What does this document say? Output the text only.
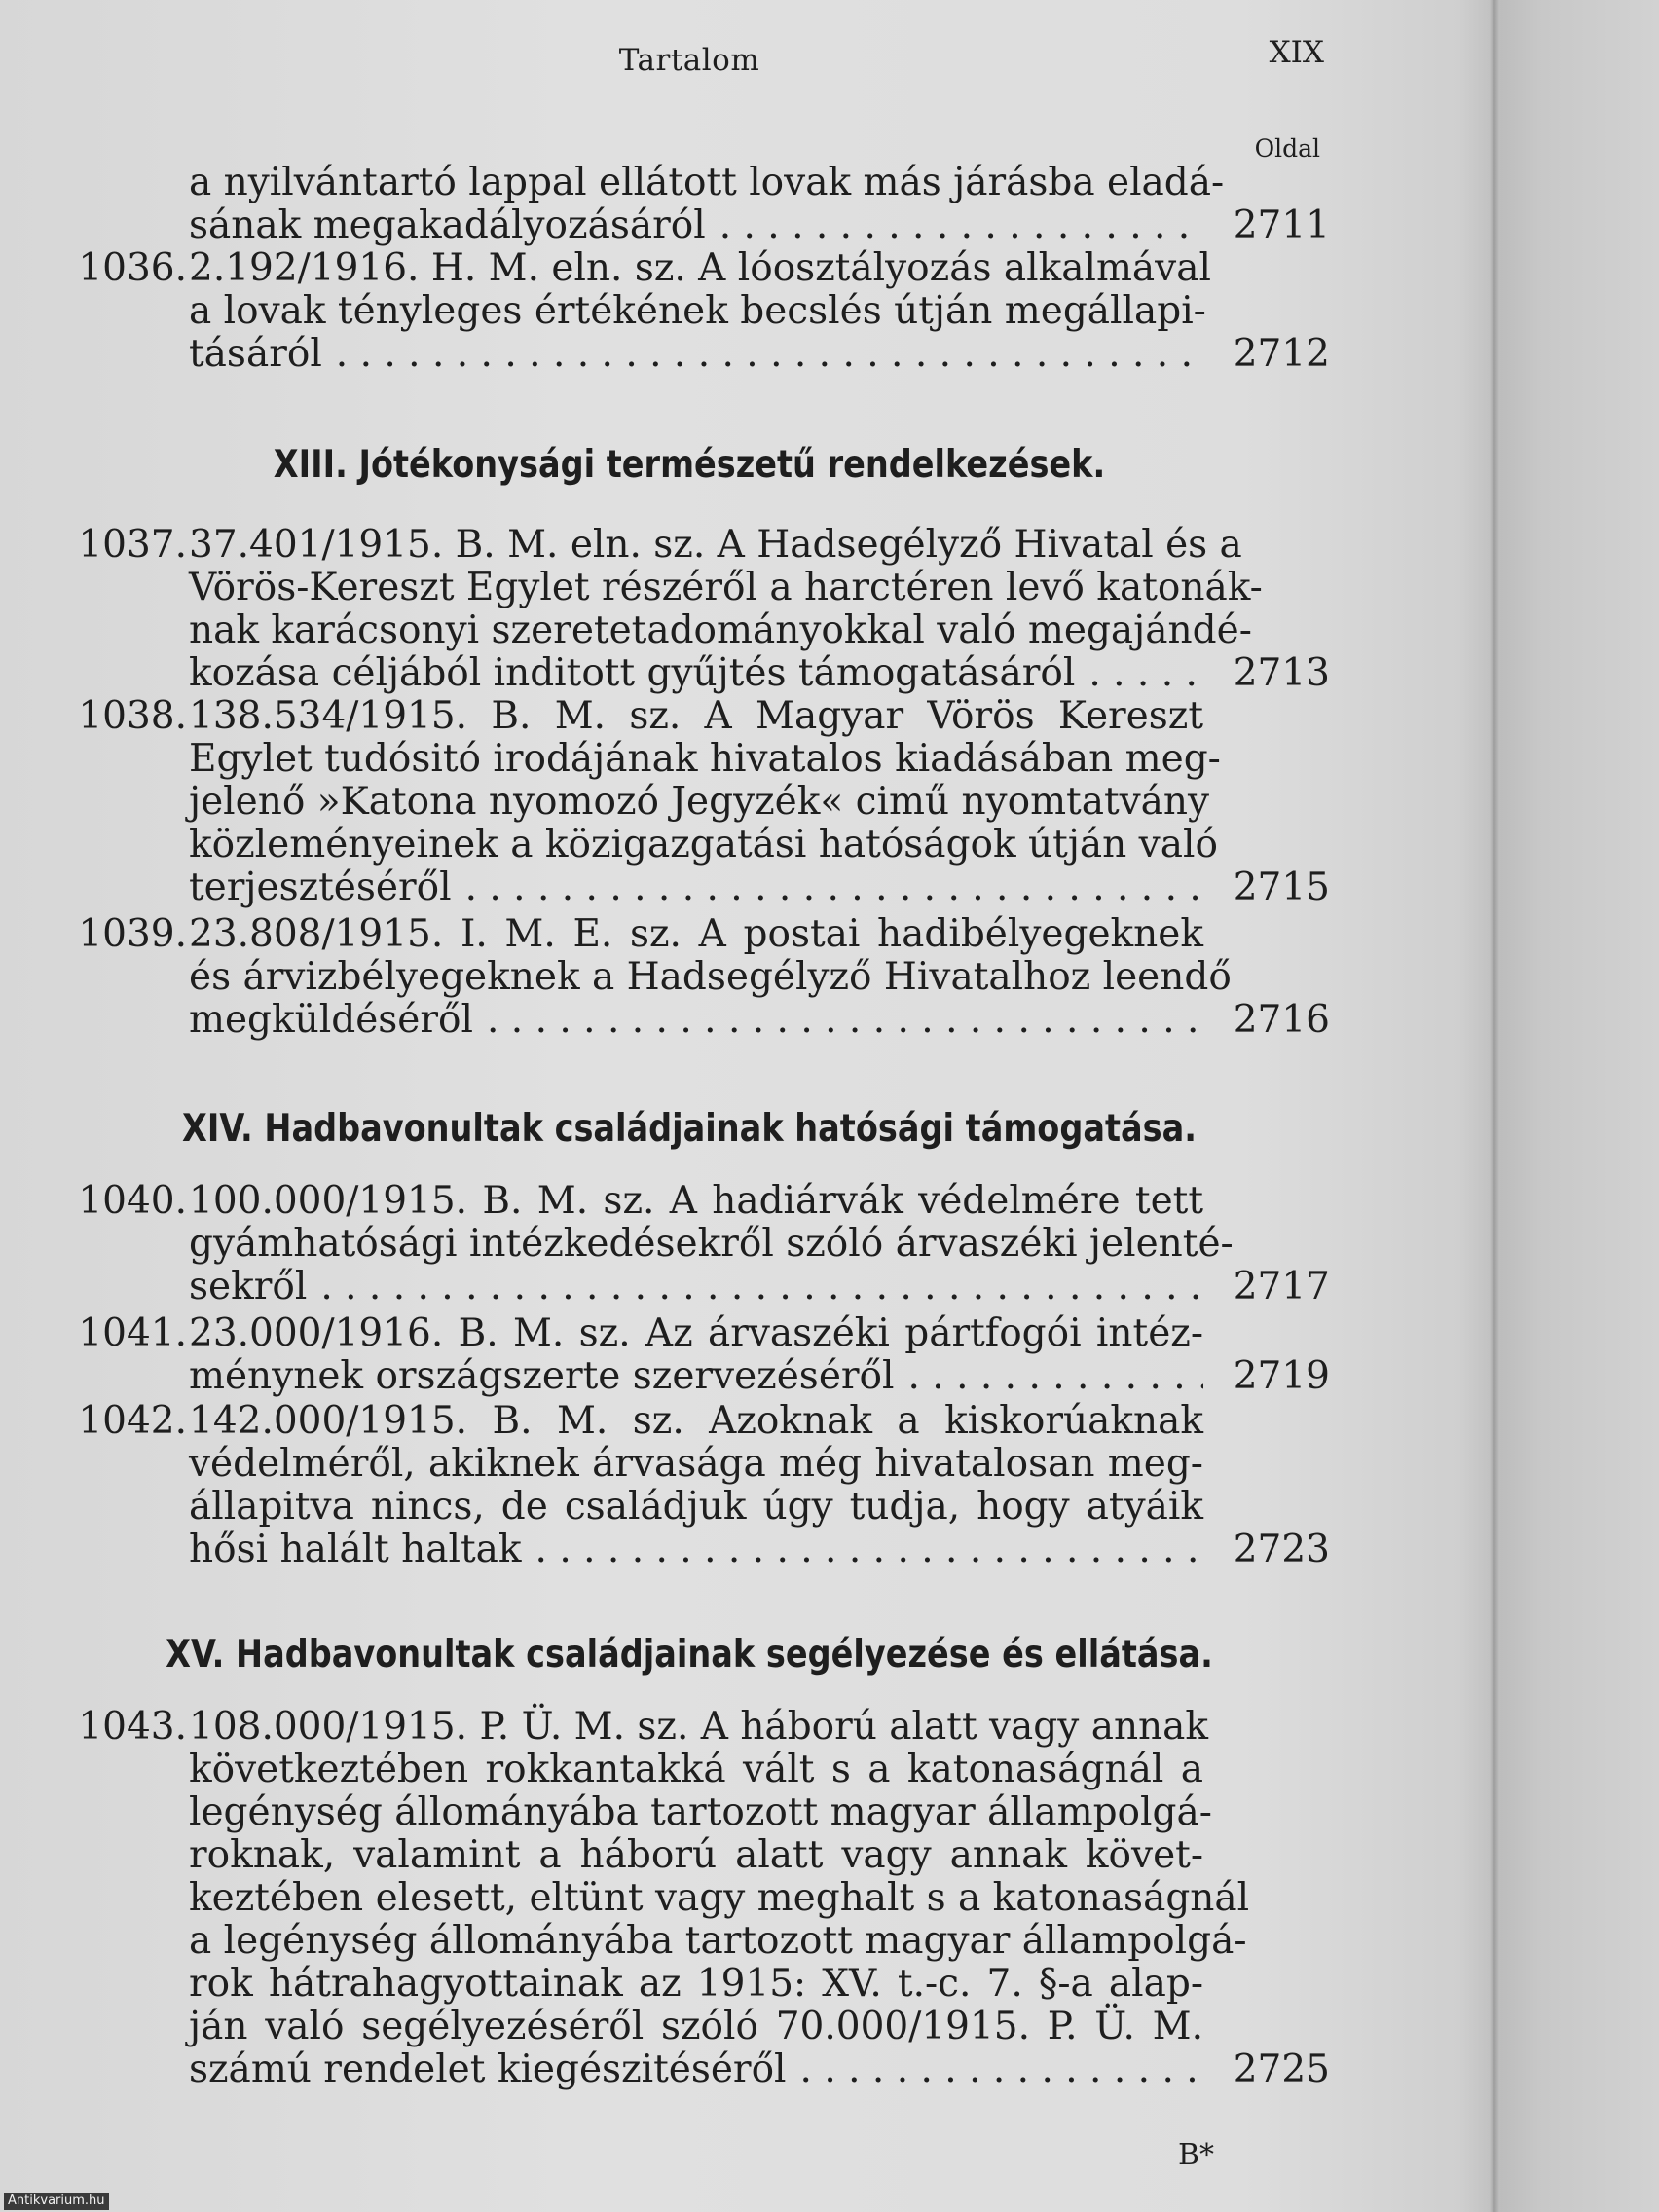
Tartalom	XIX
Oldal
a nyilvántartó lappal ellátott lovak más járásba eladá-
sának megakadályozásáról . . .	2711
1036. 2.192/1916. H. M. eln. sz. A lóosztályozás alkalmával
a lovak tényleges értékének becslés útján megállapi-
tásáról . . .	2712
1037. 37.401/1915. B. M. eln. sz. A Hadsegélyző Hivatal és a
Vörös-Kereszt Egylet részéről a harctéren levő katonák-
nak karácsonyi szeretetadományokkal való megajándé-
kozása céljából inditott gyűjtés támogatásáról . . .	2713
1038. 138.534/1915. B. M. sz. A Magyar Vörös Kereszt
Egylet tudósitó irodájának hivatalos kiadásában meg-
jelenő »Katona nyomozó Jegyzék« cimű nyomtatvány
közleményeinek a közigazgatási hatóságok útján való
terjesztéséről . . .	2715
1039. 23.808/1915. I. M. E. sz. A postai hadibélyegeknek
és árvizbélyegeknek a Hadsegélyző Hivatalhoz leendő
megküldéséről . . .	2716
1040. 100.000/1915. B. M. sz. A hadiárvák védelmére tett
gyámhatósági intézkedésekről szóló árvaszéki jelenté-
sekről . . .	2717
1041. 23.000/1916. B. M. sz. Az árvaszéki pártfogói intéz-
ménynek országszerte szervezéséről . . .	2719
1042. 142.000/1915. B. M. sz. Azoknak a kiskorúaknak
védelméről, akiknek árvasága még hivatalosan meg-
állapitva nincs, de családjuk úgy tudja, hogy atyáik
hősi halált haltak . . .	2723
1043. 108.000/1915. P. Ü. M. sz. A háború alatt vagy annak
következtében rokkantakká vált s a katonaságnál a
legénység állományába tartozott magyar állampolgá-
roknak, valamint a háború alatt vagy annak követ-
keztében elesett, eltünt vagy meghalt s a katonaságnál
a legénység állományába tartozott magyar állampolgá-
rok hátrahagyottainak az 1915: XV. t.-c. 7. §-a alap-
ján való segélyezéséről szóló 70.000/1915. P. Ü. M.
számú rendelet kiegészitéséről . . .	2725
XIII. Jótékonysági természetű rendelkezések.
XIV. Hadbavonultak családjainak hatósági támogatása.
XV. Hadbavonultak családjainak segélyezése és ellátása.
B*
Antikvarium.hu
